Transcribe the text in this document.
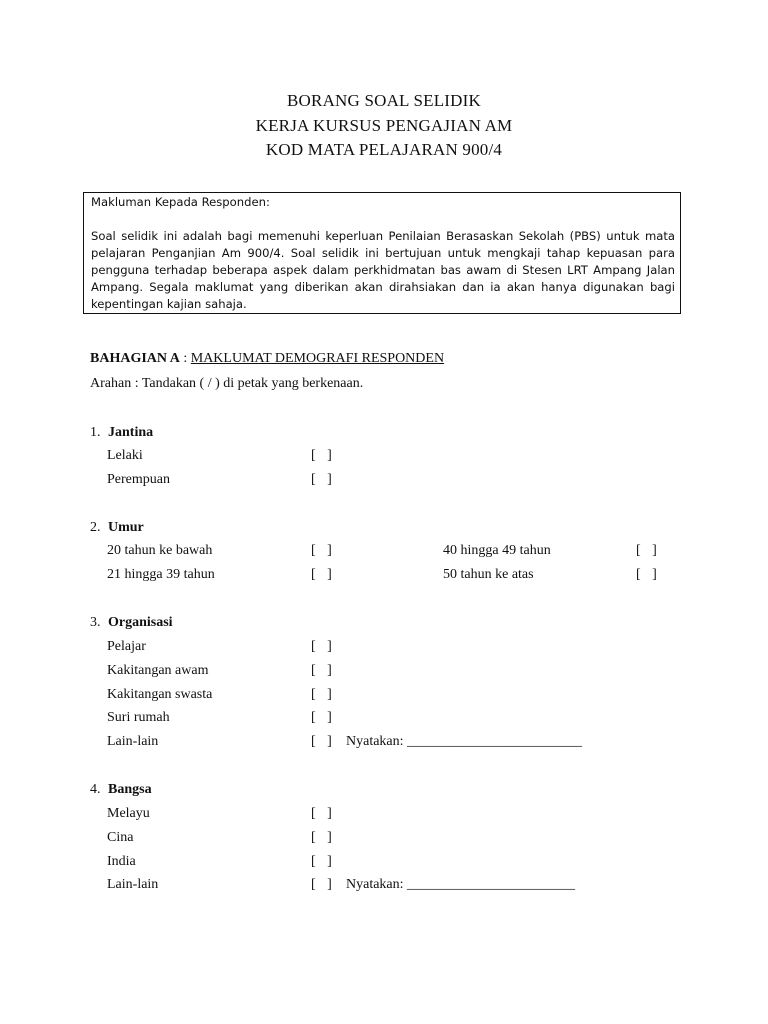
BORANG SOAL SELIDIK
KERJA KURSUS PENGAJIAN AM
KOD MATA PELAJARAN 900/4
Makluman Kepada Responden:
Soal selidik ini adalah bagi memenuhi keperluan Penilaian Berasaskan Sekolah (PBS) untuk mata pelajaran Penganjian Am 900/4. Soal selidik ini bertujuan untuk mengkaji tahap kepuasan para pengguna terhadap beberapa aspek dalam perkhidmatan bas awam di Stesen LRT Ampang Jalan Ampang. Segala maklumat yang diberikan akan dirahsiakan dan ia akan hanya digunakan bagi kepentingan kajian sahaja.
BAHAGIAN A : MAKLUMAT DEMOGRAFI RESPONDEN
Arahan : Tandakan ( / ) di petak yang berkenaan.
1. Jantina
Lelaki	[ ]
Perempuan	[ ]
2. Umur
20 tahun ke bawah	[ ]	40 hingga 49 tahun	[ ]
21 hingga 39 tahun	[ ]	50 tahun ke atas	[ ]
3. Organisasi
Pelajar	[ ]
Kakitangan awam	[ ]
Kakitangan swasta	[ ]
Suri rumah	[ ]
Lain-lain	[ ] Nyatakan: _________________________
4. Bangsa
Melayu	[ ]
Cina	[ ]
India	[ ]
Lain-lain	[ ] Nyatakan: ________________________
